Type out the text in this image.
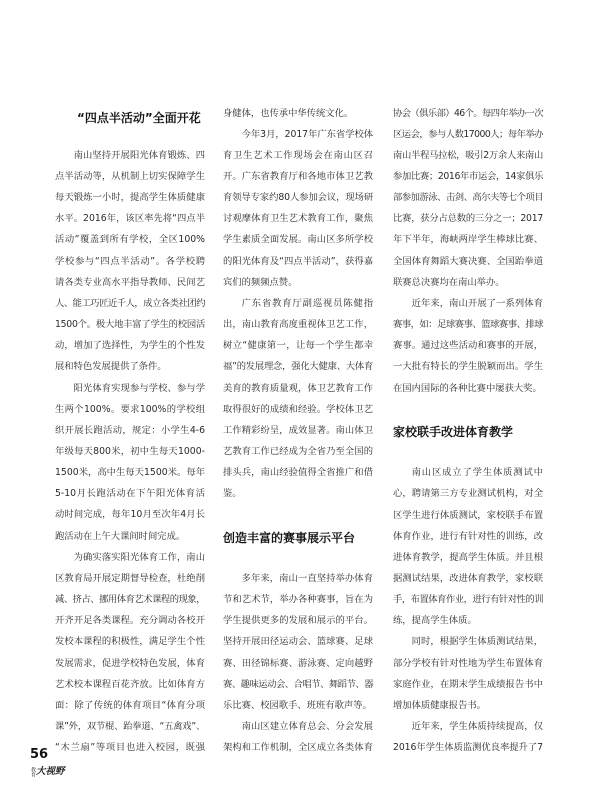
“四点半活动”全面开花
南山坚持开展阳光体育锻炼、四
点半活动等，从机制上切实保障学生
每天锻炼一小时，提高学生体质健康
水平。2016年，该区率先将“四点半
活动”覆盖到所有学校，全区100%
学校参与“四点半活动”。各学校聘
请各类专业高水平指导教师、民间艺
人、能工巧匠近千人，成立各类社团约
1500个。极大地丰富了学生的校园活
动，增加了选择性，为学生的个性发
展和特色发展提供了条件。
阳光体育实现参与学校、参与学
生两个100%。要求100%的学校组
织开展长跑活动，规定：小学生4-6
年级每天800米，初中生每天1000-
1500米，高中生每天1500米。每年
5-10月长跑活动在下午阳光体育活
动时间完成，每年10月至次年4月长
跑活动在上午大课间时间完成。
为确实落实阳光体育工作，南山
区教育局开展定期督导检查，杜绝削
减、挤占、挪用体育艺术课程的现象，
开齐开足各类课程。充分调动各校开
发校本课程的积极性，满足学生个性
发展需求，促进学校特色发展，体育
艺术校本课程百花齐放。比如体育方
面：除了传统的体育项目“体育分项
课”外，双节棍、跆拳道、“五禽戏”、
“木兰扇”等项目也进入校园，既强
身健体，也传承中华传统文化。
今年3月，2017年广东省学校体
育卫生艺术工作现场会在南山区召
开。广东省教育厅和各地市体卫艺教
育领导专家约80人参加会议，现场研
讨观摩体育卫生艺术教育工作，聚焦
学生素质全面发展。南山区多所学校
的阳光体育及“四点半活动”，获得嘉
宾们的频频点赞。
广东省教育厅副巡视员陈健指
出，南山教育高度重视体卫艺工作，
树立“健康第一，让每一个学生都幸
福”的发展理念，强化大健康、大体育
美育的教育质量观，体卫艺教育工作
取得很好的成绩和经验。学校体卫艺
工作精彩纷呈，成效显著。南山体卫
艺教育工作已经成为全省乃至全国的
排头兵，南山经验值得全省推广和借
鉴。
创造丰富的赛事展示平台
多年来，南山一直坚持举办体育
节和艺术节，举办各种赛事，旨在为
学生提供更多的发展和展示的平台。
坚持开展田径运动会、篮球赛、足球
赛、田径锦标赛、游泳赛、定向越野
赛、趣味运动会、合唱节、舞蹈节、器
乐比赛、校园歌手、班班有歌声等。
南山区建立体育总会、分会发展
架构和工作机制，全区成立各类体育
协会（俱乐部）46个。每四年举办一次
区运会，参与人数17000人；每年举办
南山半程马拉松，吸引2万余人来南山
参加比赛；2016年市运会，14家俱乐
部参加游泳、击剑、高尔夫等七个项目
比赛，获分占总数的三分之一；2017
年下半年，海峡两岸学生棒球比赛、
全国体育舞蹈大赛决赛、全国跆拳道
联赛总决赛均在南山举办。
近年来，南山开展了一系列体育
赛事，如：足球赛事、篮球赛事、排球
赛事。通过这些活动和赛事的开展，
一大批有特长的学生脱颖而出。学生
在国内国际的各种比赛中屡获大奖。
家校联手改进体育教学
南山区成立了学生体质测试中
心，聘请第三方专业测试机构，对全
区学生进行体质测试，家校联手布置
体育作业，进行有针对性的训练，改
进体育教学，提高学生体质。并且根
据测试结果，改进体育教学，家校联
手，布置体育作业，进行有针对性的训
练，提高学生体质。
同时，根据学生体质测试结果，
部分学校有针对性地为学生布置体育
家庭作业，在期末学生成绩报告书中
增加体质健康报告书。
近年来，学生体质持续提高，仅
2016年学生体质监测优良率提升了7
56
教育 大视野
